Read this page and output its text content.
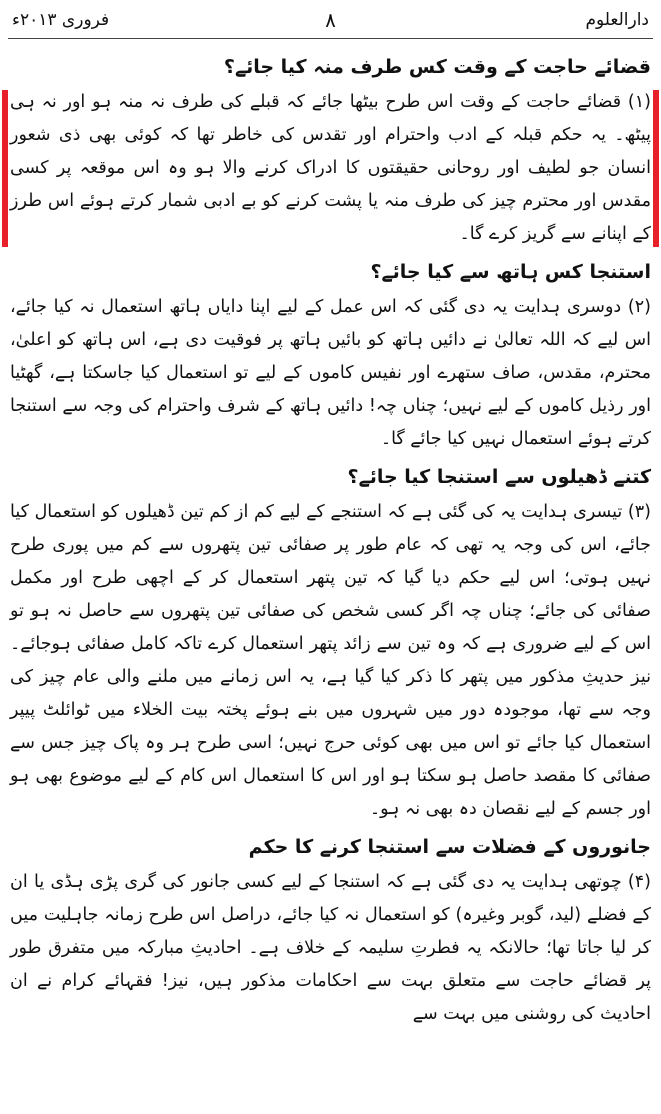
دارالعلوم
۸
فروری ۲۰۱۳ء
قضائے حاجت کے وقت کس طرف منہ کیا جائے؟

(۱) قضائے حاجت کے وقت اس طرح بیٹھا جائے کہ قبلے کی طرف نہ منہ ہو اور نہ ہی پیٹھ۔ یہ حکم قبلہ کے ادب واحترام اور تقدس کی خاطر تھا کہ کوئی بھی ذی شعور انسان جو لطیف اور روحانی حقیقتوں کا ادراک کرنے والا ہو وہ اس موقعہ پر کسی مقدس اور محترم چیز کی طرف منہ یا پشت کرنے کو بے ادبی شمار کرتے ہوئے اس طرز کے اپنانے سے گریز کرے گا۔

استنجا کس ہاتھ سے کیا جائے؟

(۲) دوسری ہدایت یہ دی گئی کہ اس عمل کے لیے اپنا دایاں ہاتھ استعمال نہ کیا جائے، اس لیے کہ اللہ تعالیٰ نے دائیں ہاتھ کو بائیں ہاتھ پر فوقیت دی ہے، اس ہاتھ کو اعلیٰ، محترم، مقدس، صاف ستھرے اور نفیس کاموں کے لیے تو استعمال کیا جاسکتا ہے، گھٹیا اور رذیل کاموں کے لیے نہیں؛ چناں چہ! دائیں ہاتھ کے شرف واحترام کی وجہ سے استنجا کرتے ہوئے استعمال نہیں کیا جائے گا۔

کتنے ڈھیلوں سے استنجا کیا جائے؟

(۳) تیسری ہدایت یہ کی گئی ہے کہ استنجے کے لیے کم از کم تین ڈھیلوں کو استعمال کیا جائے، اس کی وجہ یہ تھی کہ عام طور پر صفائی تین پتھروں سے کم میں پوری طرح نہیں ہوتی؛ اس لیے حکم دیا گیا کہ تین پتھر استعمال کر کے اچھی طرح اور مکمل صفائی کی جائے؛ چناں چہ اگر کسی شخص کی صفائی تین پتھروں سے حاصل نہ ہو تو اس کے لیے ضروری ہے کہ وہ تین سے زائد پتھر استعمال کرے تاکہ کامل صفائی ہوجائے۔ نیز حدیثِ مذکور میں پتھر کا ذکر کیا گیا ہے، یہ اس زمانے میں ملنے والی عام چیز کی وجہ سے تھا، موجودہ دور میں شہروں میں بنے ہوئے پختہ بیت الخلاء میں ٹوائلٹ پیپر استعمال کیا جائے تو اس میں بھی کوئی حرج نہیں؛ اسی طرح ہر وہ پاک چیز جس سے صفائی کا مقصد حاصل ہو سکتا ہو اور اس کا استعمال اس کام کے لیے موضوع بھی ہو اور جسم کے لیے نقصان دہ بھی نہ ہو۔

جانوروں کے فضلات سے استنجا کرنے کا حکم

(۴) چوتھی ہدایت یہ دی گئی ہے کہ استنجا کے لیے کسی جانور کی گری پڑی ہڈی یا ان کے فضلے (لید، گوبر وغیرہ) کو استعمال نہ کیا جائے، دراصل اس طرح زمانہ جاہلیت میں کر لیا جاتا تھا؛ حالانکہ یہ فطرتِ سلیمہ کے خلاف ہے۔ احادیثِ مبارکہ میں متفرق طور پر قضائے حاجت سے متعلق بہت سے احکامات مذکور ہیں، نیز! فقہائے کرام نے ان احادیث کی روشنی میں بہت سے
